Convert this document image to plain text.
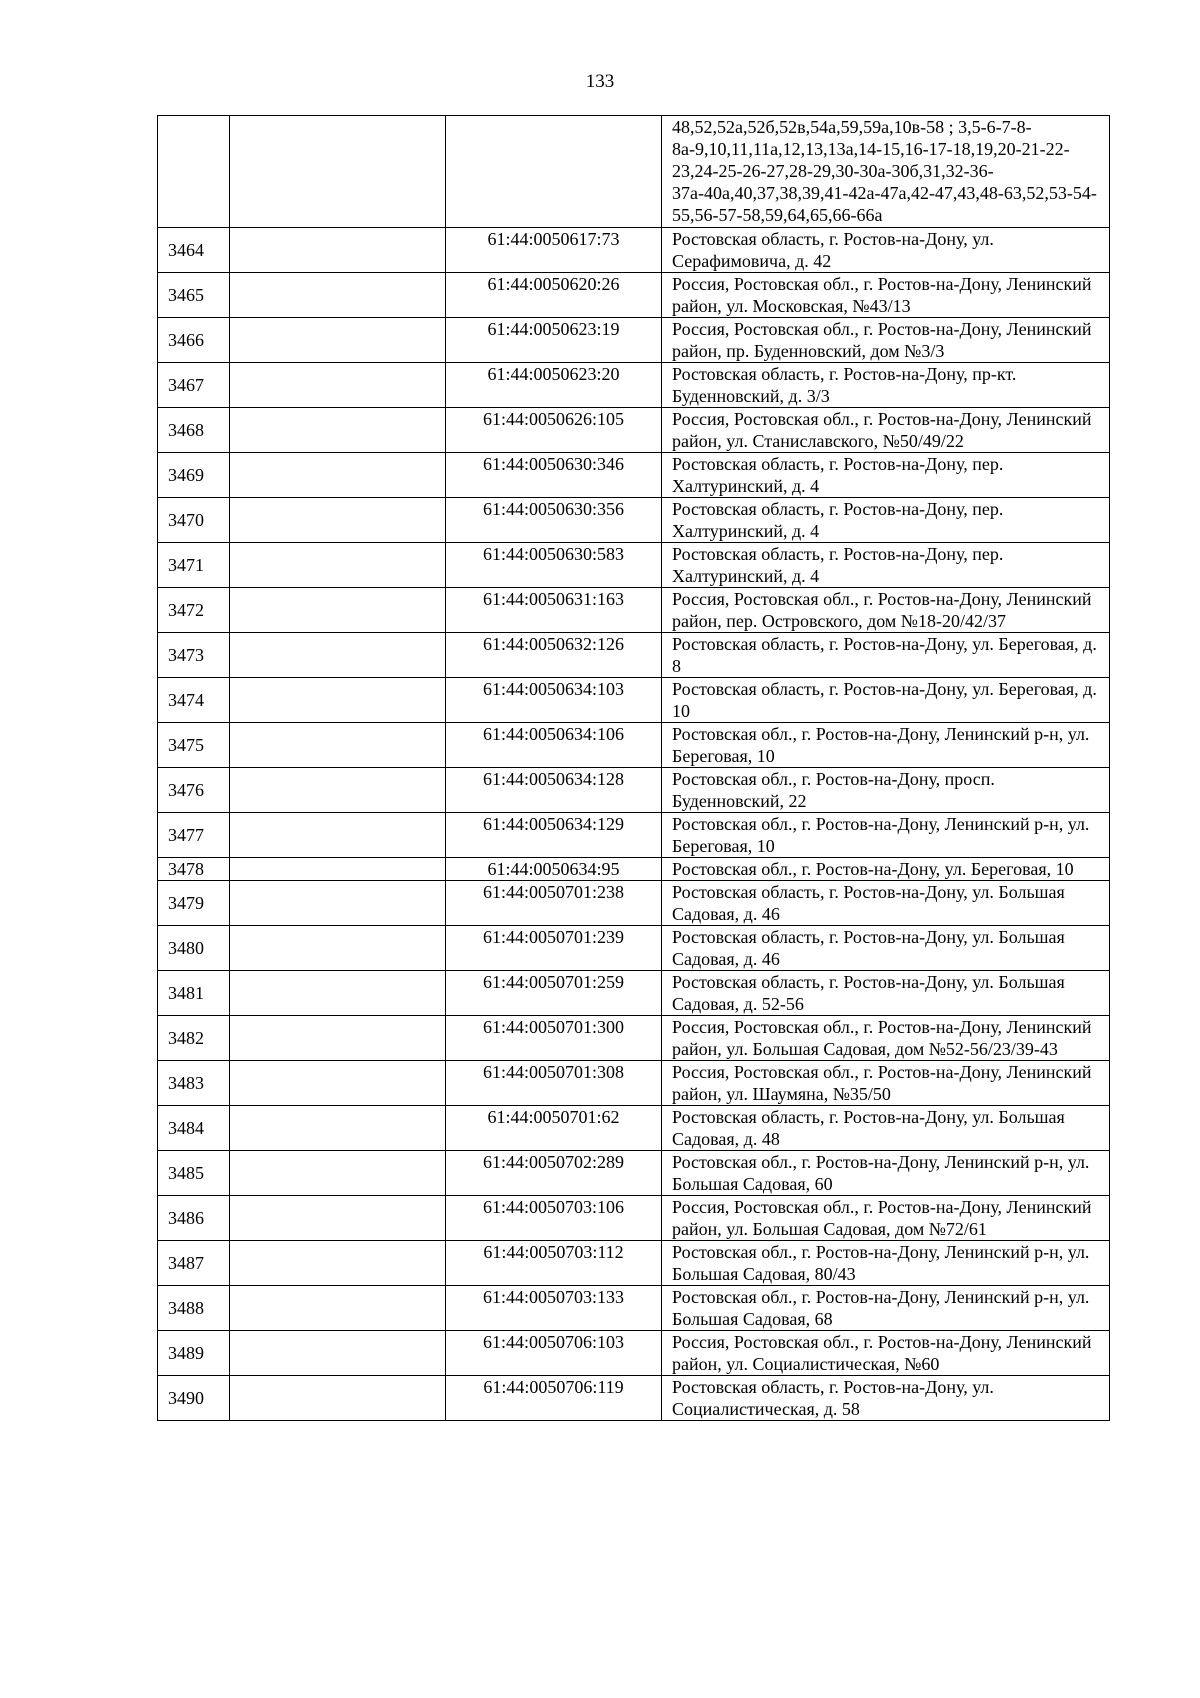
133
			48,52,52а,52б,52в,54а,59,59а,10в-58 ; 3,5-6-7-8-8а-9,10,11,11а,12,13,13а,14-15,16-17-18,19,20-21-22-23,24-25-26-27,28-29,30-30а-30б,31,32-36-37а-40а,40,37,38,39,41-42а-47а,42-47,43,48-63,52,53-54-55,56-57-58,59,64,65,66-66а
3464		61:44:0050617:73	Ростовская область, г. Ростов-на-Дону, ул. Серафимовича, д. 42
3465		61:44:0050620:26	Россия, Ростовская обл., г. Ростов-на-Дону, Ленинский район, ул. Московская, №43/13
3466		61:44:0050623:19	Россия, Ростовская обл., г. Ростов-на-Дону, Ленинский район, пр. Буденновский, дом №3/3
3467		61:44:0050623:20	Ростовская область, г. Ростов-на-Дону, пр-кт. Буденновский, д. 3/3
3468		61:44:0050626:105	Россия, Ростовская обл., г. Ростов-на-Дону, Ленинский район, ул. Станиславского, №50/49/22
3469		61:44:0050630:346	Ростовская область, г. Ростов-на-Дону, пер. Халтуринский, д. 4
3470		61:44:0050630:356	Ростовская область, г. Ростов-на-Дону, пер. Халтуринский, д. 4
3471		61:44:0050630:583	Ростовская область, г. Ростов-на-Дону, пер. Халтуринский, д. 4
3472		61:44:0050631:163	Россия, Ростовская обл., г. Ростов-на-Дону, Ленинский район, пер. Островского, дом №18-20/42/37
3473		61:44:0050632:126	Ростовская область, г. Ростов-на-Дону, ул. Береговая, д. 8
3474		61:44:0050634:103	Ростовская область, г. Ростов-на-Дону, ул. Береговая, д. 10
3475		61:44:0050634:106	Ростовская обл., г. Ростов-на-Дону, Ленинский р-н, ул. Береговая, 10
3476		61:44:0050634:128	Ростовская обл., г. Ростов-на-Дону, просп. Буденновский, 22
3477		61:44:0050634:129	Ростовская обл., г. Ростов-на-Дону, Ленинский р-н, ул. Береговая, 10
3478		61:44:0050634:95	Ростовская обл., г. Ростов-на-Дону, ул. Береговая, 10
3479		61:44:0050701:238	Ростовская область, г. Ростов-на-Дону, ул. Большая Садовая, д. 46
3480		61:44:0050701:239	Ростовская область, г. Ростов-на-Дону, ул. Большая Садовая, д. 46
3481		61:44:0050701:259	Ростовская область, г. Ростов-на-Дону, ул. Большая Садовая, д. 52-56
3482		61:44:0050701:300	Россия, Ростовская обл., г. Ростов-на-Дону, Ленинский район, ул. Большая Садовая, дом №52-56/23/39-43
3483		61:44:0050701:308	Россия, Ростовская обл., г. Ростов-на-Дону, Ленинский район, ул. Шаумяна, №35/50
3484		61:44:0050701:62	Ростовская область, г. Ростов-на-Дону, ул. Большая Садовая, д. 48
3485		61:44:0050702:289	Ростовская обл., г. Ростов-на-Дону, Ленинский р-н, ул. Большая Садовая, 60
3486		61:44:0050703:106	Россия, Ростовская обл., г. Ростов-на-Дону, Ленинский район, ул. Большая Садовая, дом №72/61
3487		61:44:0050703:112	Ростовская обл., г. Ростов-на-Дону, Ленинский р-н, ул. Большая Садовая, 80/43
3488		61:44:0050703:133	Ростовская обл., г. Ростов-на-Дону, Ленинский р-н, ул. Большая Садовая, 68
3489		61:44:0050706:103	Россия, Ростовская обл., г. Ростов-на-Дону, Ленинский район, ул. Социалистическая, №60
3490		61:44:0050706:119	Ростовская область, г. Ростов-на-Дону, ул. Социалистическая, д. 58
